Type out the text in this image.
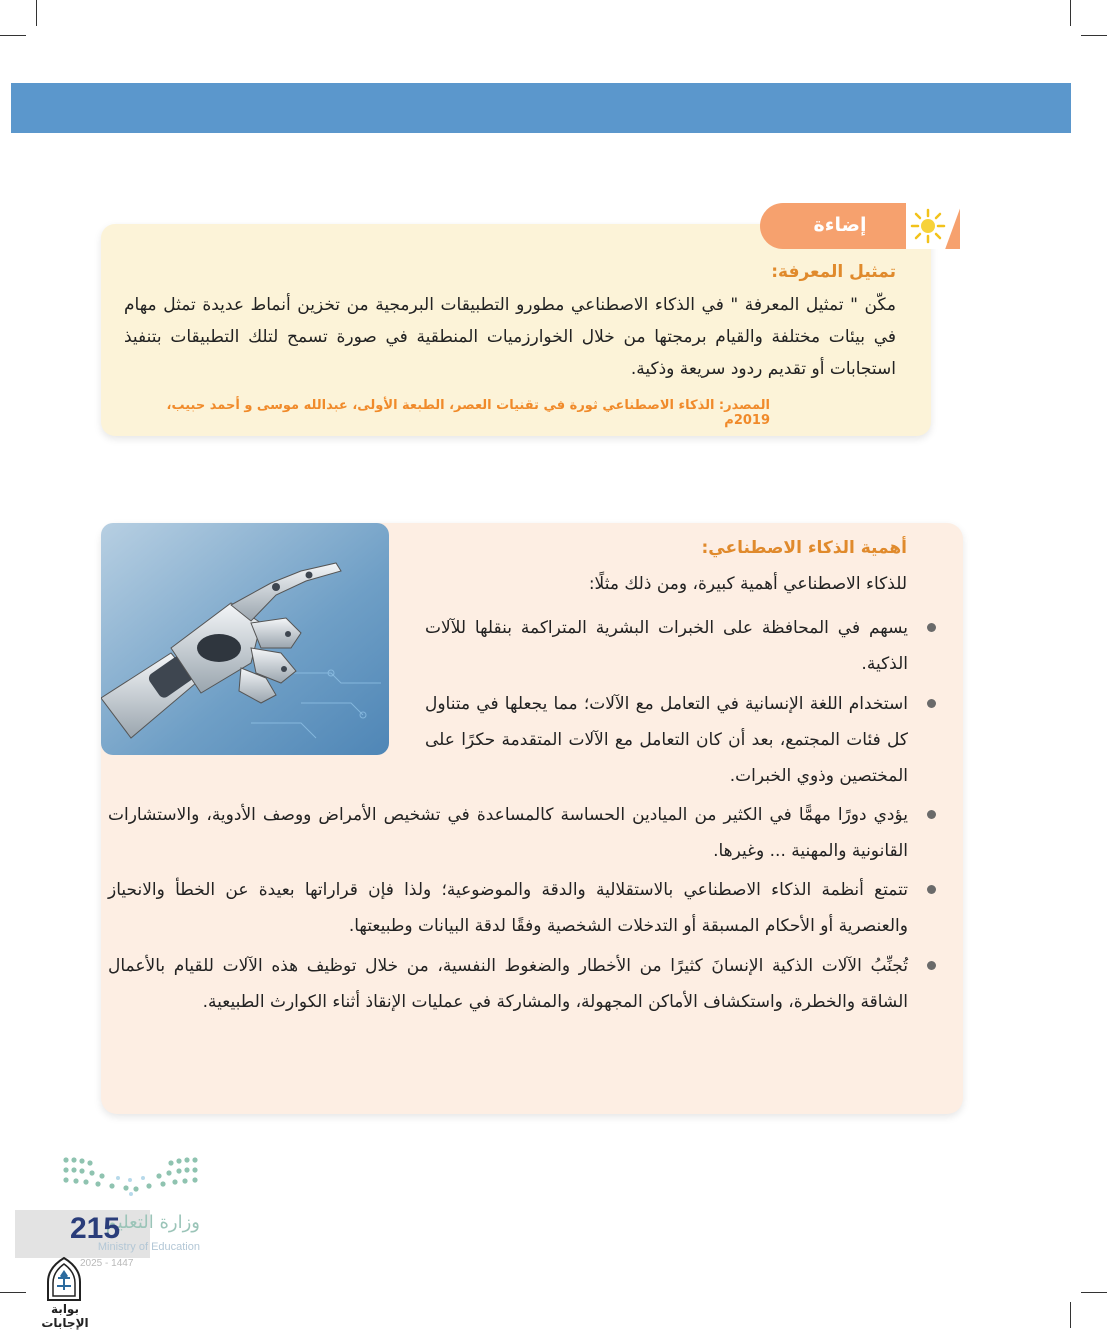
إضاءة
تمثيل المعرفة:
مكّن " تمثيل المعرفة " في الذكاء الاصطناعي مطورو التطبيقات البرمجية من تخزين أنماط عديدة تمثل مهام في بيئات مختلفة والقيام برمجتها من خلال الخوارزميات المنطقية في صورة تسمح لتلك التطبيقات بتنفيذ استجابات أو تقديم ردود سريعة وذكية.
المصدر: الذكاء الاصطناعي ثورة في تقنيات العصر، الطبعة الأولى، عبدالله موسى و أحمد حبيب، 2019م
أهمية الذكاء الاصطناعي:
للذكاء الاصطناعي أهمية كبيرة، ومن ذلك مثلًا:
يسهم في المحافظة على الخبرات البشرية المتراكمة بنقلها للآلات الذكية.
استخدام اللغة الإنسانية في التعامل مع الآلات؛ مما يجعلها في متناول كل فئات المجتمع، بعد أن كان التعامل مع الآلات المتقدمة حكرًا على المختصين وذوي الخبرات.
يؤدي دورًا مهمًّا في الكثير من الميادين الحساسة كالمساعدة في تشخيص الأمراض ووصف الأدوية، والاستشارات القانونية والمهنية ... وغيرها.
تتمتع أنظمة الذكاء الاصطناعي بالاستقلالية والدقة والموضوعية؛ ولذا فإن قراراتها بعيدة عن الخطأ والانحياز والعنصرية أو الأحكام المسبقة أو التدخلات الشخصية وفقًا لدقة البيانات وطبيعتها.
تُجنِّبُ الآلات الذكية الإنسانَ كثيرًا من الأخطار والضغوط النفسية، من خلال توظيف هذه الآلات للقيام بالأعمال الشاقة والخطرة، واستكشاف الأماكن المجهولة، والمشاركة في عمليات الإنقاذ أثناء الكوارث الطبيعية.
وزارة التعليم
215
Ministry of Education
2025 - 1447
بوابة الإجابات
